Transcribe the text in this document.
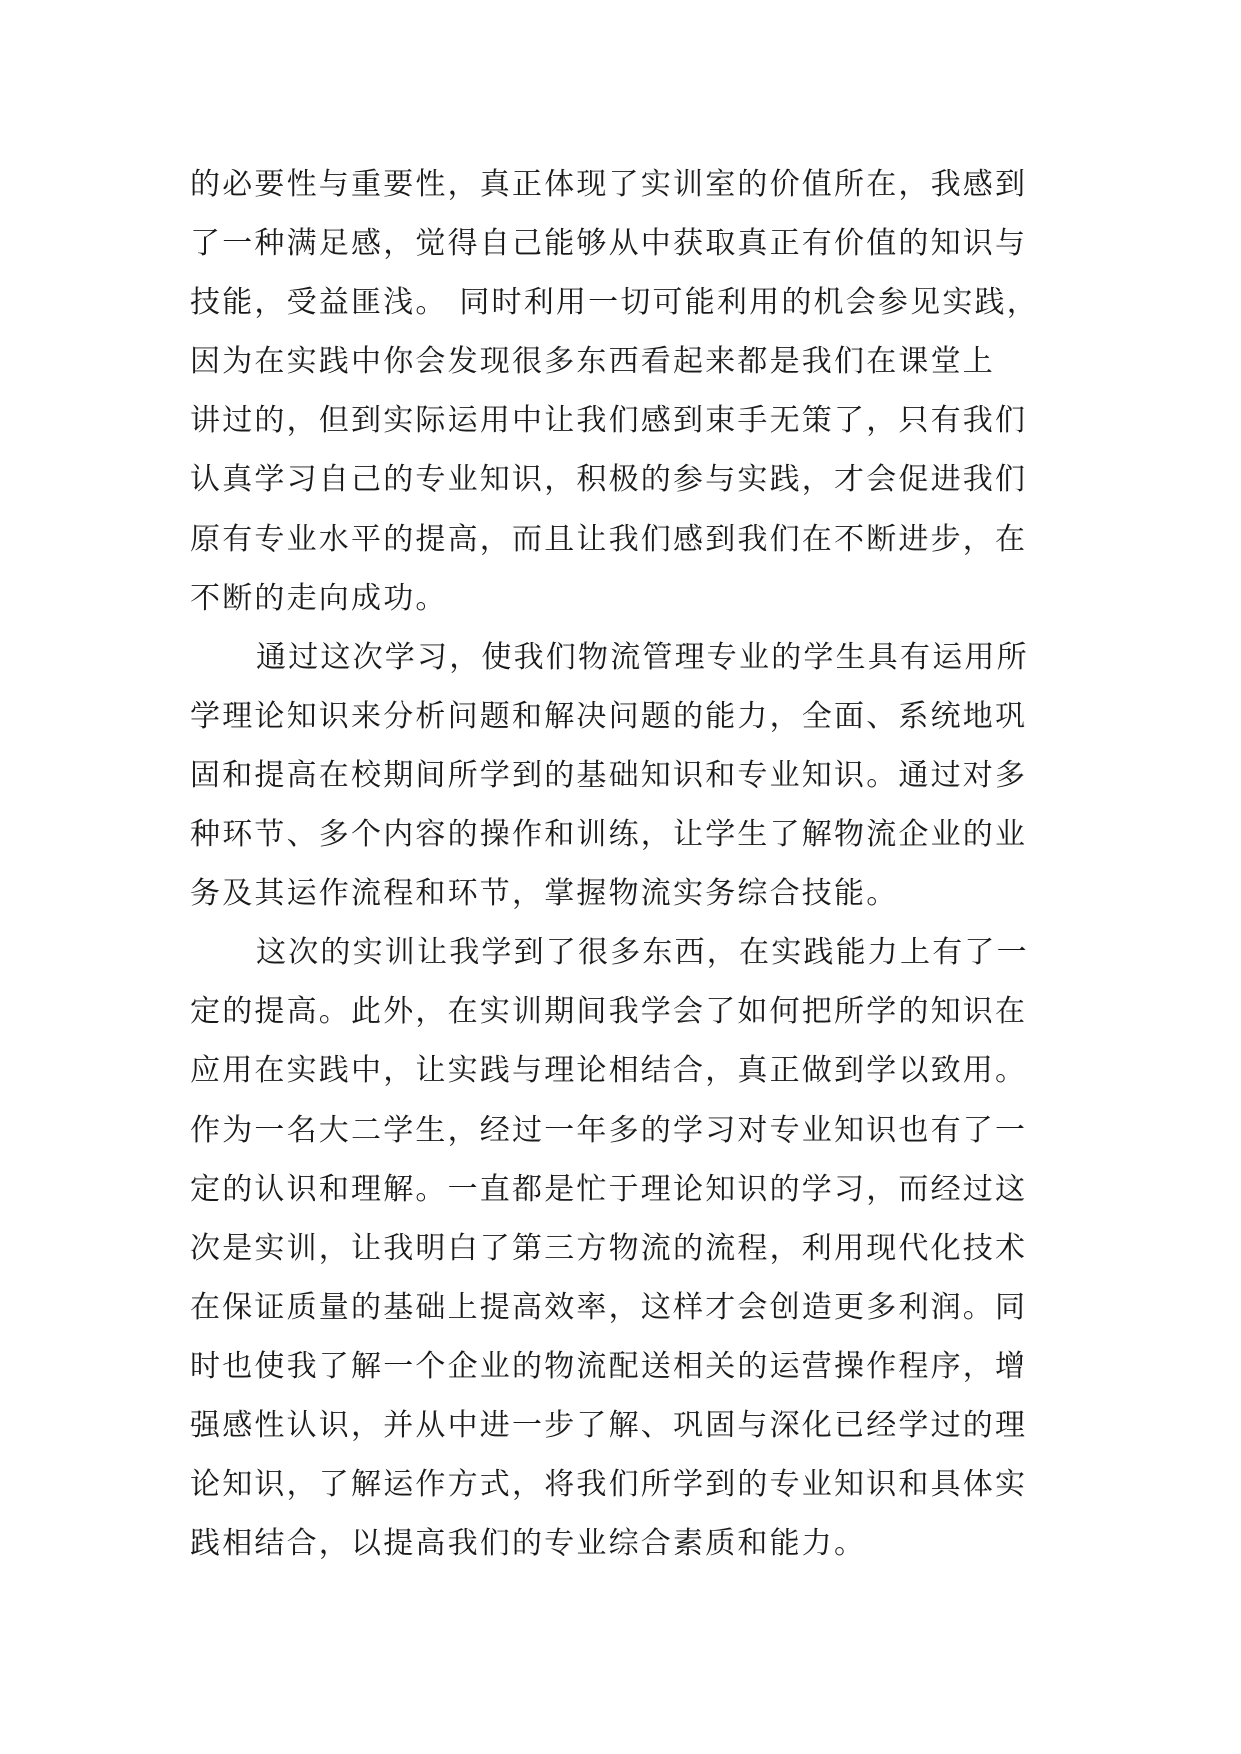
的必要性与重要性，真正体现了实训室的价值所在，我感到
了一种满足感，觉得自己能够从中获取真正有价值的知识与
技能，受益匪浅。 同时利用一切可能利用的机会参见实践，
因为在实践中你会发现很多东西看起来都是我们在课堂上
讲过的，但到实际运用中让我们感到束手无策了，只有我们
认真学习自己的专业知识，积极的参与实践，才会促进我们
原有专业水平的提高，而且让我们感到我们在不断进步，在
不断的走向成功。
通过这次学习，使我们物流管理专业的学生具有运用所
学理论知识来分析问题和解决问题的能力，全面、系统地巩
固和提高在校期间所学到的基础知识和专业知识。通过对多
种环节、多个内容的操作和训练，让学生了解物流企业的业
务及其运作流程和环节，掌握物流实务综合技能。
这次的实训让我学到了很多东西，在实践能力上有了一
定的提高。此外，在实训期间我学会了如何把所学的知识在
应用在实践中，让实践与理论相结合，真正做到学以致用。
作为一名大二学生，经过一年多的学习对专业知识也有了一
定的认识和理解。一直都是忙于理论知识的学习，而经过这
次是实训，让我明白了第三方物流的流程，利用现代化技术
在保证质量的基础上提高效率，这样才会创造更多利润。同
时也使我了解一个企业的物流配送相关的运营操作程序，增
强感性认识，并从中进一步了解、巩固与深化已经学过的理
论知识，了解运作方式，将我们所学到的专业知识和具体实
践相结合，以提高我们的专业综合素质和能力。
